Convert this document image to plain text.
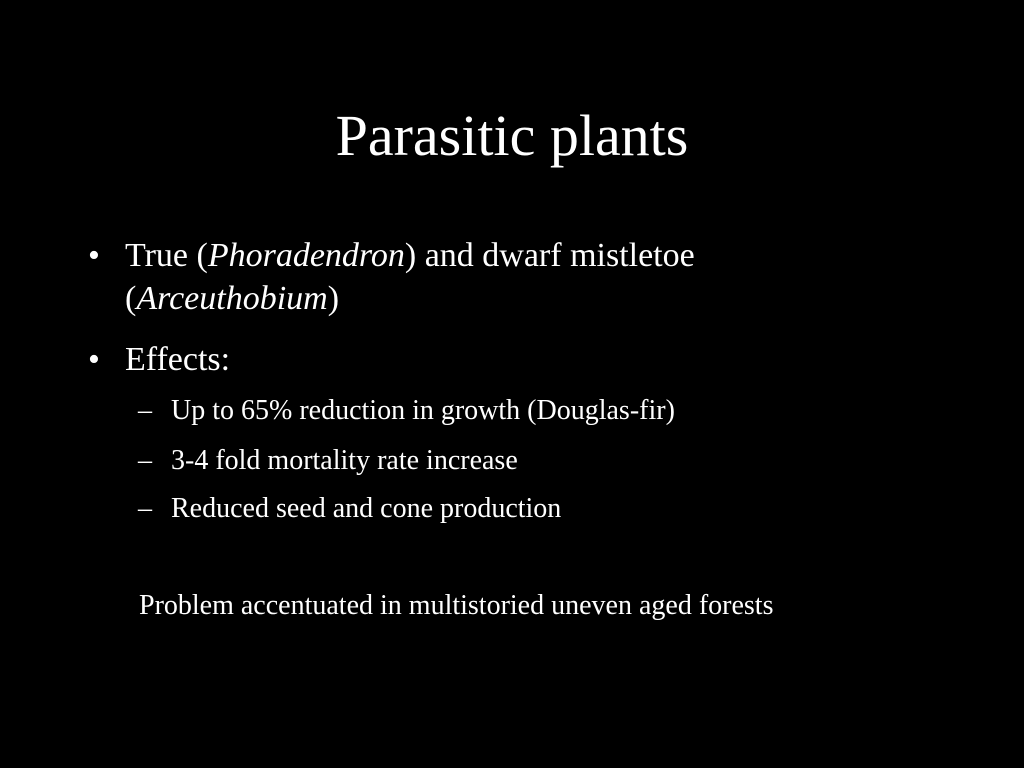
Parasitic plants
• True (Phoradendron) and dwarf mistletoe
(Arceuthobium)
• Effects:
– Up to 65% reduction in growth (Douglas-fir)
– 3-4 fold mortality rate increase
– Reduced seed and cone production
Problem accentuated in multistoried uneven aged forests
